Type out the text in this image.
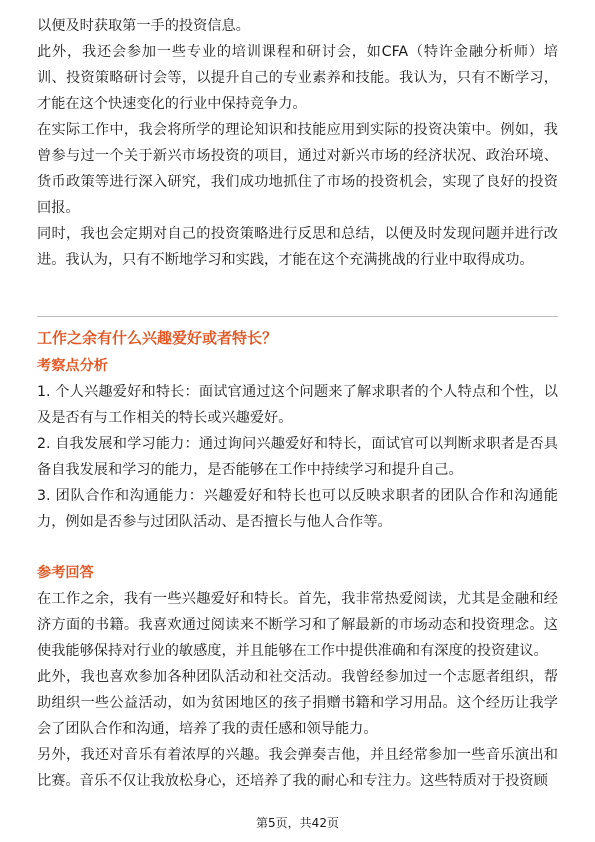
以便及时获取第一手的投资信息。

此外，我还会参加一些专业的培训课程和研讨会，如CFA（特许金融分析师）培训、投资策略研讨会等，以提升自己的专业素养和技能。我认为，只有不断学习，才能在这个快速变化的行业中保持竞争力。

在实际工作中，我会将所学的理论知识和技能应用到实际的投资决策中。例如，我曾参与过一个关于新兴市场投资的项目，通过对新兴市场的经济状况、政治环境、货币政策等进行深入研究，我们成功地抓住了市场的投资机会，实现了良好的投资回报。

同时，我也会定期对自己的投资策略进行反思和总结，以便及时发现问题并进行改进。我认为，只有不断地学习和实践，才能在这个充满挑战的行业中取得成功。

工作之余有什么兴趣爱好或者特长？
考察点分析

1. 个人兴趣爱好和特长：面试官通过这个问题来了解求职者的个人特点和个性，以及是否有与工作相关的特长或兴趣爱好。

2. 自我发展和学习能力：通过询问兴趣爱好和特长，面试官可以判断求职者是否具备自我发展和学习的能力，是否能够在工作中持续学习和提升自己。

3. 团队合作和沟通能力：兴趣爱好和特长也可以反映求职者的团队合作和沟通能力，例如是否参与过团队活动、是否擅长与他人合作等。

参考回答

在工作之余，我有一些兴趣爱好和特长。首先，我非常热爱阅读，尤其是金融和经济方面的书籍。我喜欢通过阅读来不断学习和了解最新的市场动态和投资理念。这使我能够保持对行业的敏感度，并且能够在工作中提供准确和有深度的投资建议。

此外，我也喜欢参加各种团队活动和社交活动。我曾经参加过一个志愿者组织，帮助组织一些公益活动，如为贫困地区的孩子捐赠书籍和学习用品。这个经历让我学会了团队合作和沟通，培养了我的责任感和领导能力。

另外，我还对音乐有着浓厚的兴趣。我会弹奏吉他，并且经常参加一些音乐演出和比赛。音乐不仅让我放松身心，还培养了我的耐心和专注力。这些特质对于投资顾

第5页，共42页
